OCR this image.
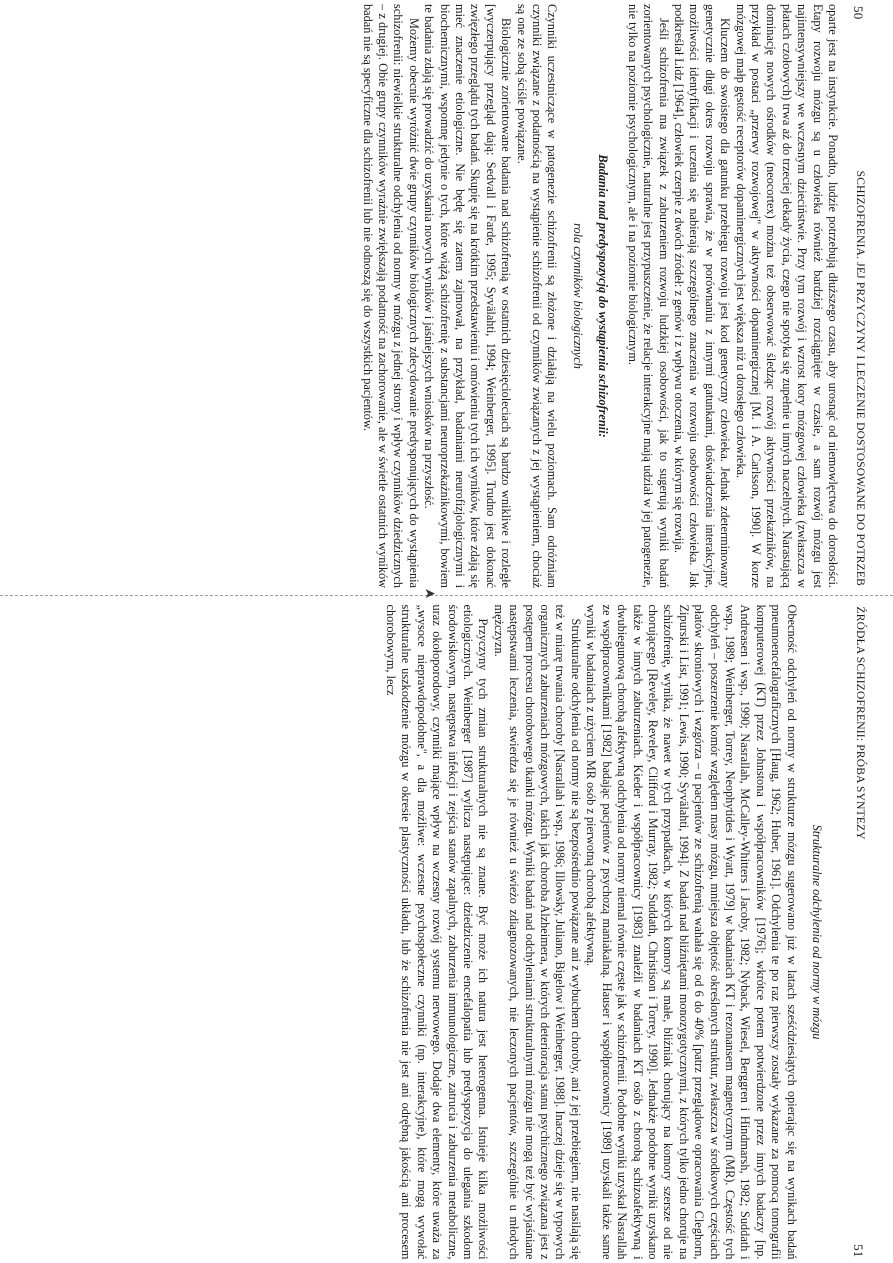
50
SCHIZOFRENIA. JEJ PRZYCZYNY I LECZENIE DOSTOSOWANE DO POTRZEB

oparte jest na instynkcie. Ponadto, ludzie potrzebują dłuższego czasu, aby urosnąć od niemowlęctwa do dorosłości. Etapy rozwoju mózgu są u człowieka również bardziej rozciągnięte w czasie, a sam rozwój mózgu jest najintensywniejszy we wczesnym dzieciństwie. Przy tym rozwój i wzrost kory mózgowej człowieka (zwłaszcza w płatach czołowych) trwa aż do trzeciej dekady życia, czego nie spotyka się zupełnie u innych naczelnych. Narastającą dominację nowych ośrodków (neocortex) można też obserwować śledząc rozwój aktywności przekaźników, na przykład w postaci „przerwy rozwojowej" w aktywności dopaminergicznej [M. i A. Carlsson, 1990]. W korze mózgowej małp gęstość receptorów dopaminergicznych jest większa niż u dorosłego człowieka.

Kluczem do swoistego dla gatunku przebiegu rozwoju jest kod genetyczny człowieka. Jednak zdeterminowany genetycznie długi okres rozwoju sprawia, że w porównaniu z innymi gatunkami, doświadczenia interakcyjne, możliwości identyfikacji i uczenia się nabierają szczególnego znaczenia w rozwoju osobowości człowieka. Jak podkreślał Lidz [1964], człowiek czerpie z dwóch źródeł: z genów i z wpływu otoczenia, w którym się rozwija.

Jeśli schizofrenia ma związek z zaburzeniem rozwoju ludzkiej osobowości, jak to sugerują wyniki badań zorientowanych psychologicznie, naturalne jest przypuszczenie, że relacje interakcyjne mają udział w jej patogenezie, nie tylko na poziomie psychologicznym, ale i na poziomie biologicznym.

Badania nad predyspozycją do wystąpienia schizofrenii:
rola czynników biologicznych

Czynniki uczestniczące w patogenezie schizofrenii są złożone i działają na wielu poziomach. Sam odróżniam czynniki związane z podatnością na wystąpienie schizofrenii od czynników związanych z jej wystąpieniem, chociaż są one ze sobą ściśle powiązane.

Biologicznie zorientowane badania nad schizofrenią w ostatnich dziesięcioleciach są bardzo wnikliwe i rozległe [wyczerpujący przegląd dają: Sedvall i Farde, 1995; Syvälahti, 1994; Weinberger, 1995]. Trudno jest dokonać zwięzłego przeglądu tych badań. Skupię się na krótkim przedstawieniu i omówieniu tych ich wyników, które zdają się mieć znaczenie etiologiczne. Nie będę się zatem zajmował, na przykład, badaniami neurofizjologicznymi i biochemicznymi, wspomnę jedynie o tych, które wiążą schizofrenię z substancjami neuroprzekaźnikowymi, bowiem te badania zdają się prowadzić do uzyskania nowych wyników i jaśniejszych wniosków na przyszłość.

Możemy obecnie wyróżnić dwie grupy czynników biologicznych zdecydowanie predysponujących do wystąpienia schizofrenii: niewielkie strukturalne odchylenia od normy w mózgu z jednej strony i wpływ czynników dziedzicznych – z drugiej. Obie grupy czynników wyraźnie zwiększają podatność na zachorowanie, ale w świetle ostatnich wyników badań nie są specyficzne dla schizofrenii lub nie odnoszą się do wszystkich pacjentów.

➤
ŹRÓDŁA SCHIZOFRENII: PRÓBA SYNTEZY
51
Strukturalne odchylenia od normy w mózgu

Obecność odchyleń od normy w strukturze mózgu sugerowano już w latach sześćdziesiątych opierając się na wynikach badań pneumoencefalograficznych [Haug, 1962; Huber, 1961]. Odchylenia te po raz pierwszy zostały wykazane za pomocą tomografii komputerowej (KT) przez Johnstona i współpracowników [1976]; wkrótce potem potwierdzone przez innych badaczy [np. Andreasen i wsp., 1990; Nasrallah, McCalley-Whitters i Jacoby, 1982; Nyback, Wiesel, Berggren i Hindmarsh, 1982; Suddath i wsp., 1989; Weinberger, Torrey, Neophytides i Wyatt, 1979] w badaniach KT i rezonansem magnetycznym (MR). Częstość tych odchyleń – poszerzenie komór względem masy mózgu, mniejsza objętość określonych struktur, zwłaszcza w środkowych częściach płatów skroniowych i wzgórza – u pacjentów ze schizofrenią wahała się od 6 do 40% [patrz przeglądowe opracowania Cleghorn, Zipurski i List, 1991; Lewis, 1990; Syvälahti, 1994]. Z badań nad bliźniętami monozygotycznymi, z których tylko jedno choruje na schizofrenię, wynika, że nawet w tych przypadkach, w których komory są małe, bliźniak chorujący na komory szersze od nie chorującego [Reveley, Reveley, Clifford i Murray, 1982; Suddath, Christison i Torrey, 1990]. Jednakże podobne wyniki uzyskano także w innych zaburzeniach. Kieder i współpracownicy [1983] znaleźli w badaniach KT osób z chorobą schizoafektywną i dwubiegunową chorobą afektywną odchylenia od normy niemal równie częste jak w schizofrenii. Podobne wyniki uzyskał Nasrallah ze współpracownikami [1982] badając pacjentów z psychozą maniakalną. Hauser i współpracownicy [1989] uzyskali także same wyniki w badaniach z użyciem MR osób z pierwotną chorobą afektywną.

Strukturalne odchylenia od normy nie są bezpośrednio powiązane ani z wybuchem choroby, ani z jej przebiegiem, nie nasilają się też w miarę trwania choroby [Nasrallah i wsp., 1986; Illowsky, Juliano, Bigelow i Weinberger, 1988]. Inaczej dzieje się w typowych organicznych zaburzeniach mózgowych, takich jak choroba Alzheimera, w których deterioracja stanu psychicznego związana jest z postępem procesu chorobowego tkanki mózgu. Wyniki badań nad odchyleniami strukturalnymi mózgu nie mogą też być wyjaśniane następstwami leczenia, stwierdza się je również u świeżo zdiagnozowanych, nie leczonych pacjentów, szczególnie u młodych mężczyzn.

Przyczyny tych zmian strukturalnych nie są znane. Być może ich natura jest heterogenna. Istnieje kilka możliwości etiologicznych. Weinberger [1987] wylicza następujące: dziedziczenie encefalopatia lub predyspozycja do ulegania szkodom środowiskowym, następstwa infekcji i zejścia stanów zapalnych, zaburzenia immunologiczne, zatrucia i zaburzenia metaboliczne, uraz okołoporodowy, czynniki mające wpływ na wczesny rozwój systemu nerwowego. Dodaje dwa elementy, które uważa za „wysoce nieprawdopodobne", a dla możliwe: wczesne psychospołeczne czynniki (np. interakcyjne), które mogą wywołać strukturalne uszkodzenie mózgu w okresie plastyczności układu, lub że schizofrenia nie jest ani odrębną jakością ani procesem chorobowym, lecz
